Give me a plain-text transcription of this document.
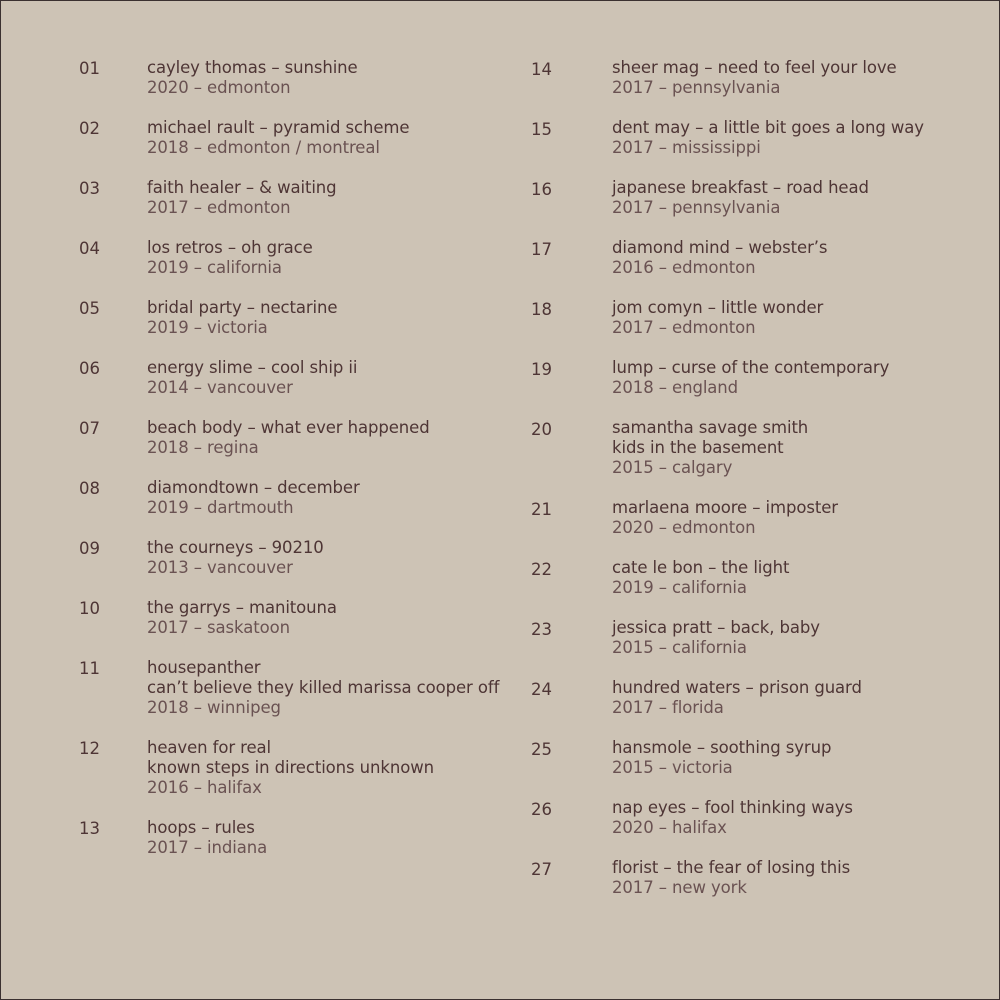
01	cayley thomas – sunshine
2020 – edmonton
02	michael rault – pyramid scheme
2018 – edmonton / montreal
03	faith healer – & waiting
2017 – edmonton
04	los retros – oh grace
2019 – california
05	bridal party – nectarine
2019 – victoria
06	energy slime – cool ship ii
2014 – vancouver
07	beach body – what ever happened
2018 – regina
08	diamondtown – december
2019 – dartmouth
09	the courneys – 90210
2013 – vancouver
10	the garrys – manitouna
2017 – saskatoon
11	housepanther
can’t believe they killed marissa cooper off
2018 – winnipeg
12	heaven for real
known steps in directions unknown
2016 – halifax
13	hoops – rules
2017 – indiana
14	sheer mag – need to feel your love
2017 – pennsylvania
15	dent may – a little bit goes a long way
2017 – mississippi
16	japanese breakfast – road head
2017 – pennsylvania
17	diamond mind – webster’s
2016 – edmonton
18	jom comyn – little wonder
2017 – edmonton
19	lump – curse of the contemporary
2018 – england
20	samantha savage smith
kids in the basement
2015 – calgary
21	marlaena moore – imposter
2020 – edmonton
22	cate le bon – the light
2019 – california
23	jessica pratt – back, baby
2015 – california
24	hundred waters – prison guard
2017 – florida
25	hansmole – soothing syrup
2015 – victoria
26	nap eyes – fool thinking ways
2020 – halifax
27	florist – the fear of losing this
2017 – new york
